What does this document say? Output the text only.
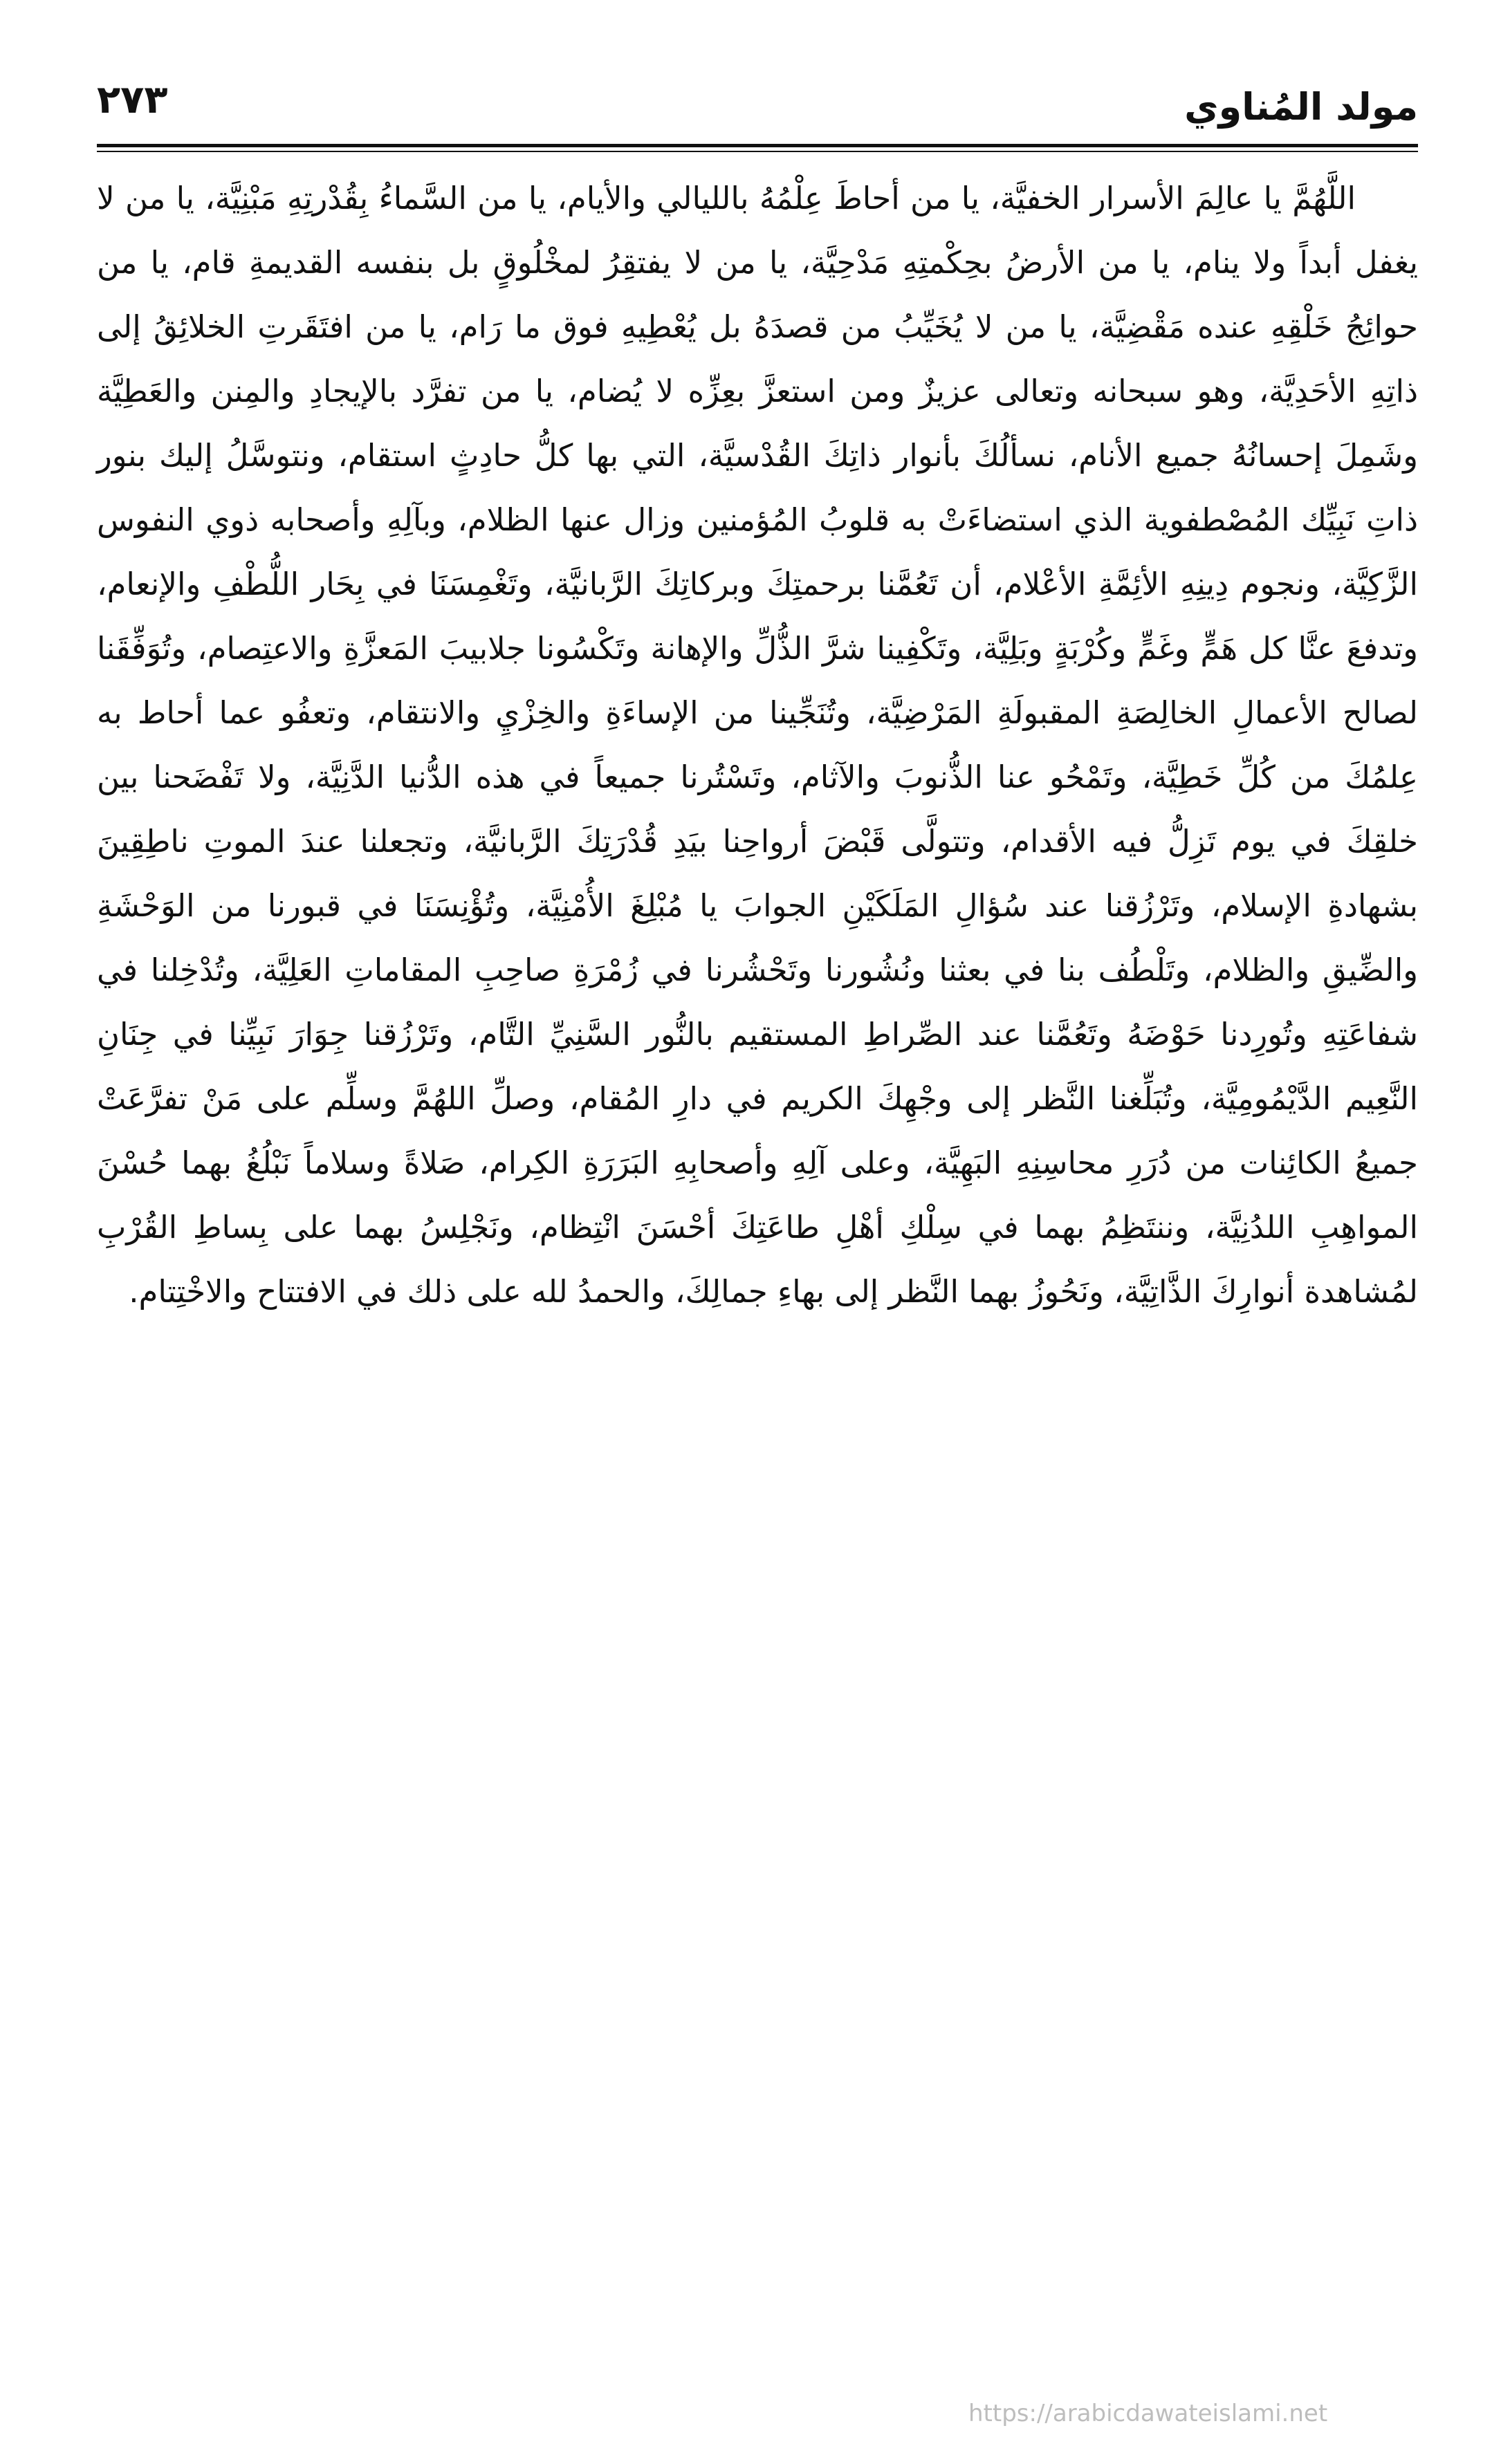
مولد المُناوي
٢٧٣

اللَّهُمَّ يا عالِمَ الأسرار الخفيَّة، يا من أحاطَ عِلْمُهُ بالليالي والأيام، يا من السَّماءُ بِقُدْرتِهِ مَبْنِيَّة، يا من لا يغفل أبداً ولا ينام، يا من الأرضُ بحِكْمتِهِ مَدْحِيَّة، يا من لا يفتقِرُ لمخْلُوقٍ بل بنفسه القديمةِ قام، يا من حوائِجُ خَلْقِهِ عنده مَقْضِيَّة، يا من لا يُخَيِّبُ من قصدَهُ بل يُعْطِيهِ فوق ما رَام، يا من افتَقَرتِ الخلائِقُ إلى ذاتِهِ الأحَدِيَّة، وهو سبحانه وتعالى عزيزٌ ومن استعزَّ بعِزِّه لا يُضام، يا من تفرَّد بالإيجادِ والمِنن والعَطِيَّة وشَمِلَ إحسانُهُ جميع الأنام، نسألُكَ بأنوار ذاتِكَ القُدْسيَّة، التي بها كلُّ حادِثٍ استقام، ونتوسَّلُ إليك بنور ذاتِ نَبِيِّك المُصْطفوية الذي استضاءَتْ به قلوبُ المُؤمنين وزال عنها الظلام، وبآلِهِ وأصحابه ذوي النفوس الزَّكِيَّة، ونجوم دِينِهِ الأئِمَّةِ الأعْلام، أن تَعُمَّنا برحمتِكَ وبركاتِكَ الرَّبانيَّة، وتَغْمِسَنَا في بِحَار اللُّطْفِ والإنعام، وتدفعَ عنَّا كل هَمٍّ وغَمٍّ وكُرْبَةٍ وبَلِيَّة، وتَكْفِينا شرَّ الذُّلِّ والإهانة وتَكْسُونا جلابيبَ المَعزَّةِ والاعتِصام، وتُوَفِّقَنا لصالح الأعمالِ الخالِصَةِ المقبولَةِ المَرْضِيَّة، وتُنَجِّينا من الإساءَةِ والخِزْيِ والانتقام، وتعفُو عما أحاط به عِلمُكَ من كُلِّ خَطِيَّة، وتَمْحُو عنا الذُّنوبَ والآثام، وتَسْتُرنا جميعاً في هذه الدُّنيا الدَّنِيَّة، ولا تَفْضَحنا بين خلقِكَ في يوم تَزِلُّ فيه الأقدام، وتتولَّى قَبْضَ أرواحِنا بيَدِ قُدْرَتِكَ الرَّبانيَّة، وتجعلنا عندَ الموتِ ناطِقِينَ بشهادةِ الإسلام، وتَرْزُقنا عند سُؤالِ المَلَكَيْنِ الجوابَ يا مُبْلِغَ الأُمْنِيَّة، وتُؤْنِسَنَا في قبورنا من الوَحْشَةِ والضِّيقِ والظلام، وتَلْطُف بنا في بعثنا ونُشُورنا وتَحْشُرنا في زُمْرَةِ صاحِبِ المقاماتِ العَلِيَّة، وتُدْخِلنا في شفاعَتِهِ وتُورِدنا حَوْضَهُ وتَعُمَّنا عند الصِّراطِ المستقيم بالنُّور السَّنِيِّ التَّام، وتَرْزُقنا جِوَارَ نَبِيِّنا في جِنَانِ النَّعِيم الدَّيْمُومِيَّة، وتُبَلِّغنا النَّظر إلى وجْهِكَ الكريم في دارِ المُقام، وصلِّ اللهُمَّ وسلِّم على مَنْ تفرَّعَتْ جميعُ الكائِنات من دُرَرِ محاسِنِهِ البَهِيَّة، وعلى آلِهِ وأصحابِهِ البَرَرَةِ الكِرام، صَلاةً وسلاماً نَبْلُغُ بهما حُسْنَ المواهِبِ اللدُنِيَّة، وننتَظِمُ بهما في سِلْكِ أهْلِ طاعَتِكَ أحْسَنَ انْتِظام، ونَجْلِسُ بهما على بِساطِ القُرْبِ لمُشاهدة أنوارِكَ الذَّاتِيَّة، ونَحُوزُ بهما النَّظر إلى بهاءِ جمالِكَ، والحمدُ لله على ذلك في الافتتاح والاخْتِتام.

https://arabicdawateislami.net
